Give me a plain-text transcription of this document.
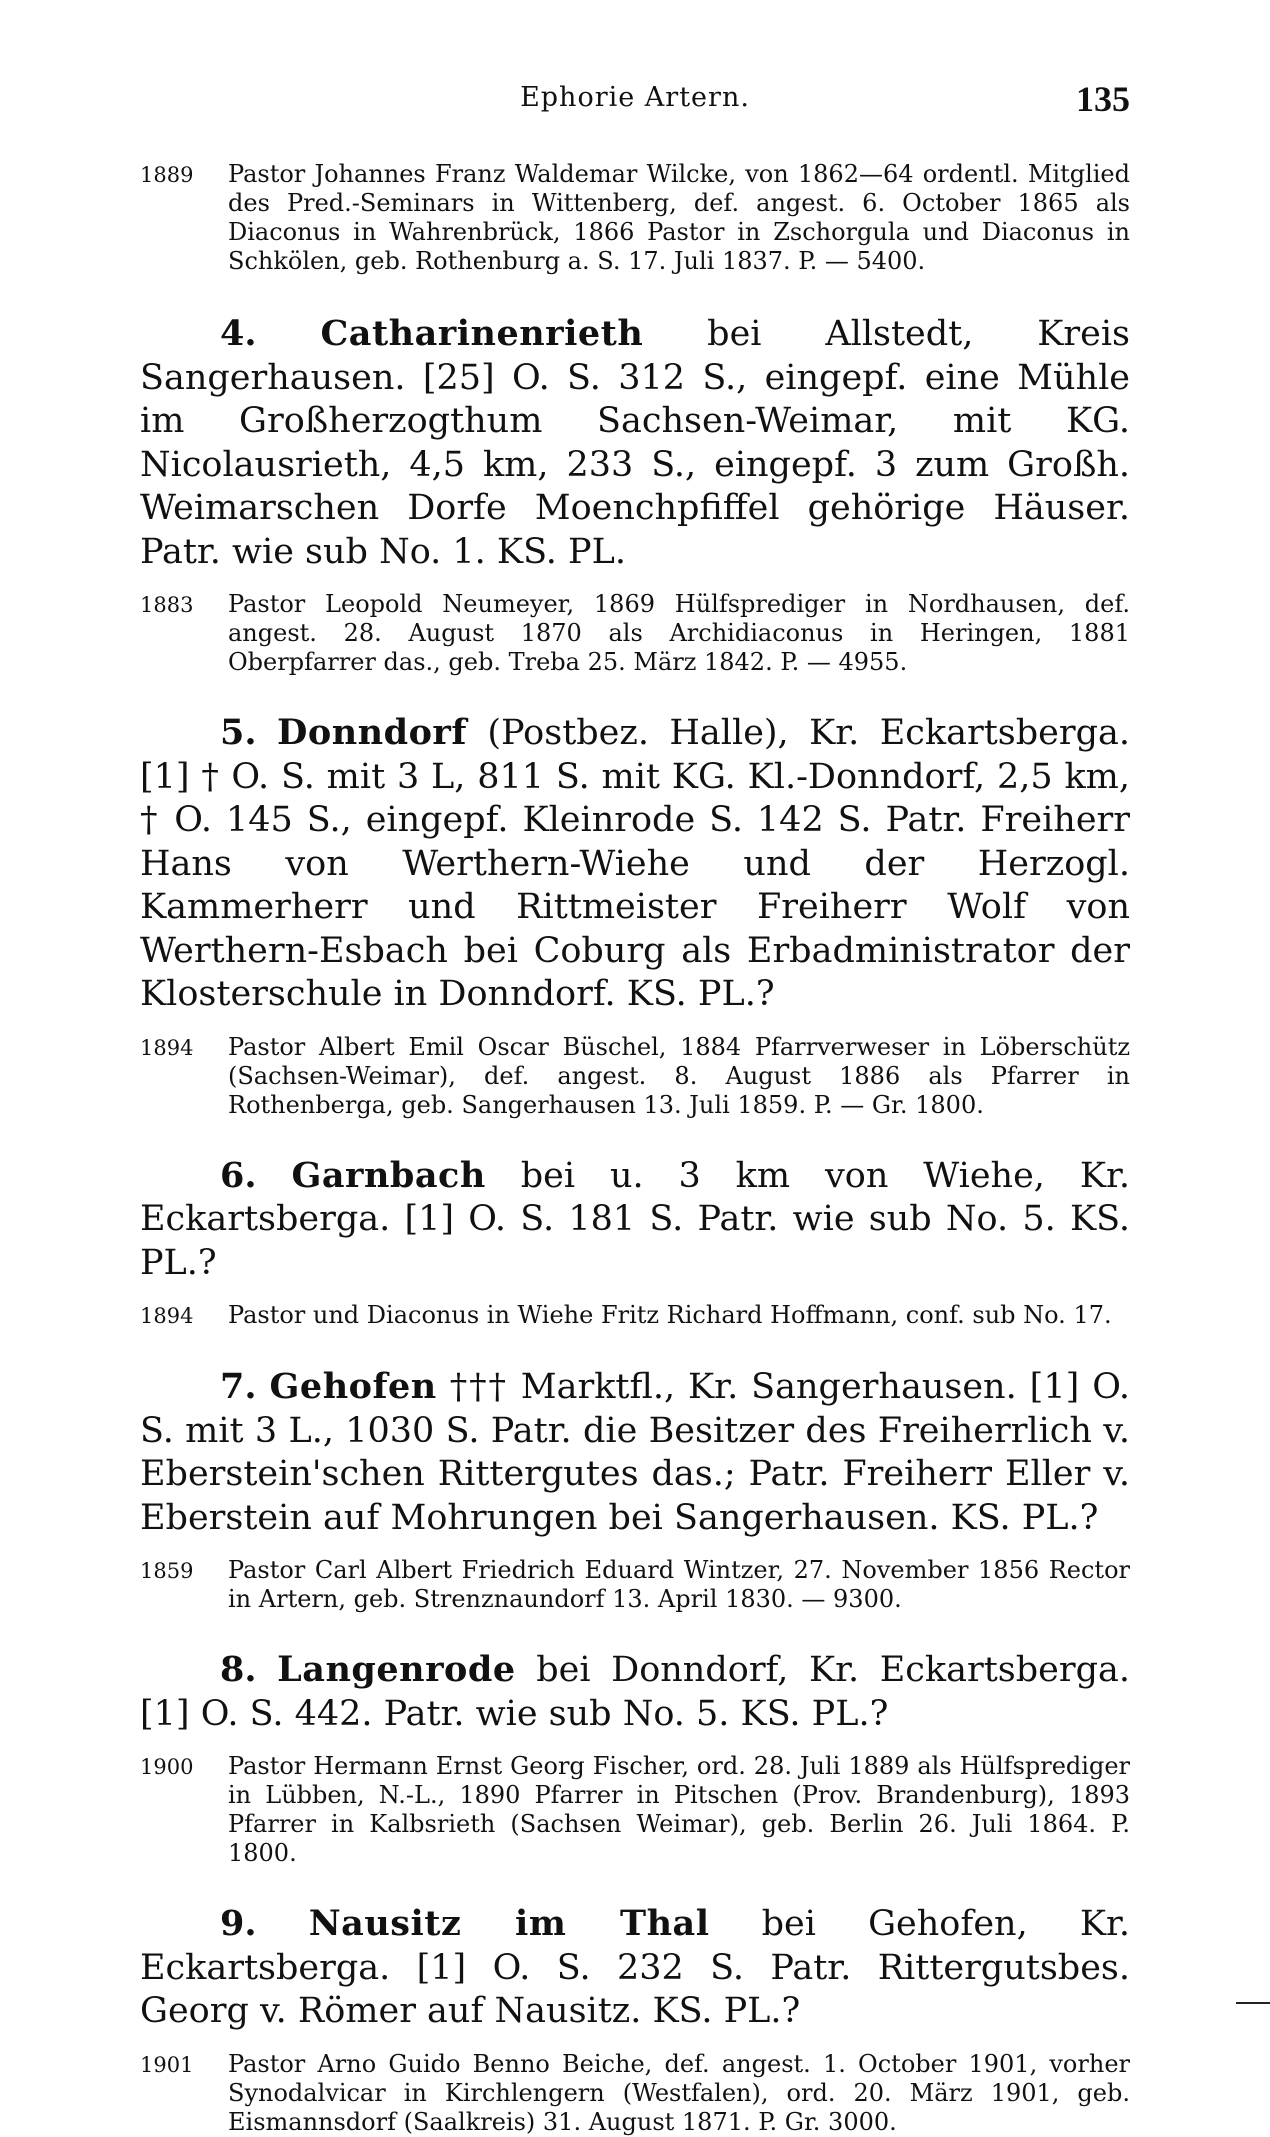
Ephorie Artern.	135
1889	Pastor Johannes Franz Waldemar Wilcke, von 1862—64 ordentl. Mitglied des Pred.-Seminars in Wittenberg, def. angest. 6. October 1865 als Diaconus in Wahrenbrück, 1866 Pastor in Zschorgula und Diaconus in Schkölen, geb. Rothenburg a. S. 17. Juli 1837. P. — 5400.
4. Catharinenrieth bei Allstedt, Kreis Sangerhausen. [25] O. S. 312 S., eingepf. eine Mühle im Großherzogthum Sachsen-Weimar, mit KG. Nicolausrieth, 4,5 km, 233 S., eingepf. 3 zum Großh. Weimarschen Dorfe Moenchpfiffel gehörige Häuser. Patr. wie sub No. 1. KS. PL.
1883	Pastor Leopold Neumeyer, 1869 Hülfsprediger in Nordhausen, def. angest. 28. August 1870 als Archidiaconus in Heringen, 1881 Oberpfarrer das., geb. Treba 25. März 1842. P. — 4955.
5. Donndorf (Postbez. Halle), Kr. Eckartsberga. [1] † O. S. mit 3 L, 811 S. mit KG. Kl.-Donndorf, 2,5 km, † O. 145 S., eingepf. Kleinrode S. 142 S. Patr. Freiherr Hans von Werthern-Wiehe und der Herzogl. Kammerherr und Rittmeister Freiherr Wolf von Werthern-Esbach bei Coburg als Erbadministrator der Klosterschule in Donndorf. KS. PL.?
1894	Pastor Albert Emil Oscar Büschel, 1884 Pfarrverweser in Löberschütz (Sachsen-Weimar), def. angest. 8. August 1886 als Pfarrer in Rothenberga, geb. Sangerhausen 13. Juli 1859. P. — Gr. 1800.
6. Garnbach bei u. 3 km von Wiehe, Kr. Eckartsberga. [1] O. S. 181 S. Patr. wie sub No. 5. KS. PL.?
1894	Pastor und Diaconus in Wiehe Fritz Richard Hoffmann, conf. sub No. 17.
7. Gehofen ††† Marktfl., Kr. Sangerhausen. [1] O. S. mit 3 L., 1030 S. Patr. die Besitzer des Freiherrlich v. Eberstein'schen Rittergutes das.; Patr. Freiherr Eller v. Eberstein auf Mohrungen bei Sangerhausen. KS. PL.?
1859	Pastor Carl Albert Friedrich Eduard Wintzer, 27. November 1856 Rector in Artern, geb. Strenznaundorf 13. April 1830. — 9300.
8. Langenrode bei Donndorf, Kr. Eckartsberga. [1] O. S. 442. Patr. wie sub No. 5. KS. PL.?
1900	Pastor Hermann Ernst Georg Fischer, ord. 28. Juli 1889 als Hülfsprediger in Lübben, N.-L., 1890 Pfarrer in Pitschen (Prov. Brandenburg), 1893 Pfarrer in Kalbsrieth (Sachsen Weimar), geb. Berlin 26. Juli 1864. P. 1800.
9. Nausitz im Thal bei Gehofen, Kr. Eckartsberga. [1] O. S. 232 S. Patr. Rittergutsbes. Georg v. Römer auf Nausitz. KS. PL.?
1901	Pastor Arno Guido Benno Beiche, def. angest. 1. October 1901, vorher Synodalvicar in Kirchlengern (Westfalen), ord. 20. März 1901, geb. Eismannsdorf (Saalkreis) 31. August 1871. P. Gr. 3000.
